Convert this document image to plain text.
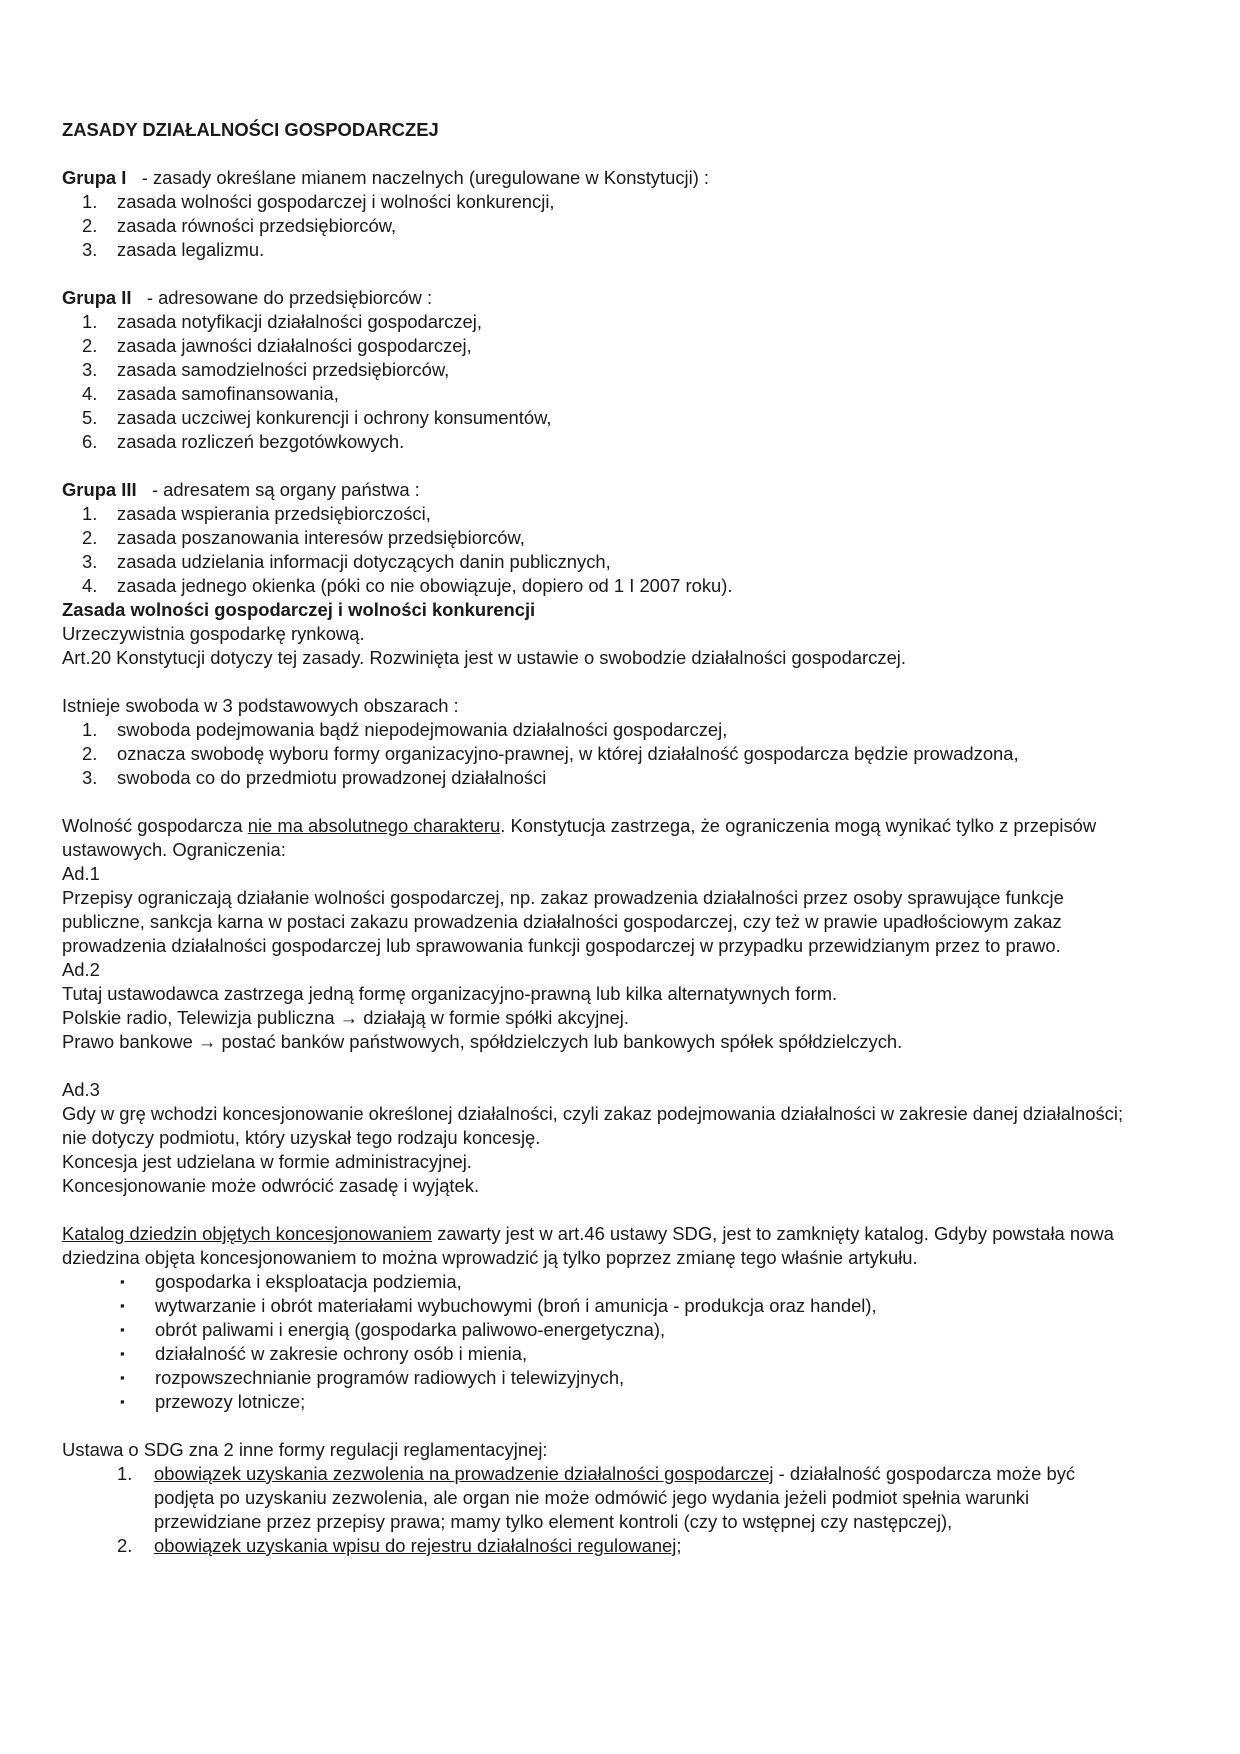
ZASADY DZIAŁALNOŚCI GOSPODARCZEJ

Grupa I - zasady określane mianem naczelnych (uregulowane w Konstytucji) :

1.	zasada wolności gospodarczej i wolności konkurencji,
2.	zasada równości przedsiębiorców,
3.	zasada legalizmu.

Grupa II - adresowane do przedsiębiorców :

1.	zasada notyfikacji działalności gospodarczej,
2.	zasada jawności działalności gospodarczej,
3.	zasada samodzielności przedsiębiorców,
4.	zasada samofinansowania,
5.	zasada uczciwej konkurencji i ochrony konsumentów,
6.	zasada rozliczeń bezgotówkowych.

Grupa III - adresatem są organy państwa :

1.	zasada wspierania przedsiębiorczości,
2.	zasada poszanowania interesów przedsiębiorców,
3.	zasada udzielania informacji dotyczących danin publicznych,
4.	zasada jednego okienka (póki co nie obowiązuje, dopiero od 1 I 2007 roku).

Zasada wolności gospodarczej i wolności konkurencji

Urzeczywistnia gospodarkę rynkową.

Art.20 Konstytucji dotyczy tej zasady. Rozwinięta jest w ustawie o swobodzie działalności gospodarczej.

Istnieje swoboda w 3 podstawowych obszarach :

1.	swoboda podejmowania bądź niepodejmowania działalności gospodarczej,
2.	oznacza swobodę wyboru formy organizacyjno-prawnej, w której działalność gospodarcza będzie prowadzona,
3.	swoboda co do przedmiotu prowadzonej działalności

Wolność gospodarcza nie ma absolutnego charakteru. Konstytucja zastrzega, że ograniczenia mogą wynikać tylko z przepisów ustawowych. Ograniczenia:

Ad.1

Przepisy ograniczają działanie wolności gospodarczej, np. zakaz prowadzenia działalności przez osoby sprawujące funkcje publiczne, sankcja karna w postaci zakazu prowadzenia działalności gospodarczej, czy też w prawie upadłościowym zakaz prowadzenia działalności gospodarczej lub sprawowania funkcji gospodarczej w przypadku przewidzianym przez to prawo.

Ad.2

Tutaj ustawodawca zastrzega jedną formę organizacyjno-prawną lub kilka alternatywnych form.

Polskie radio, Telewizja publiczna → działają w formie spółki akcyjnej.

Prawo bankowe → postać banków państwowych, spółdzielczych lub bankowych spółek spółdzielczych.

Ad.3

Gdy w grę wchodzi koncesjonowanie określonej działalności, czyli zakaz podejmowania działalności w zakresie danej działalności; nie dotyczy podmiotu, który uzyskał tego rodzaju koncesję.

Koncesja jest udzielana w formie administracyjnej.

Koncesjonowanie może odwrócić zasadę i wyjątek.

Katalog dziedzin objętych koncesjonowaniem zawarty jest w art.46 ustawy SDG, jest to zamknięty katalog. Gdyby powstała nowa dziedzina objęta koncesjonowaniem to można wprowadzić ją tylko poprzez zmianę tego właśnie artykułu.

▪ gospodarka i eksploatacja podziemia,
▪ wytwarzanie i obrót materiałami wybuchowymi (broń i amunicja - produkcja oraz handel),
▪ obrót paliwami i energią (gospodarka paliwowo-energetyczna),
▪ działalność w zakresie ochrony osób i mienia,
▪ rozpowszechnianie programów radiowych i telewizyjnych,
▪ przewozy lotnicze;

Ustawa o SDG zna 2 inne formy regulacji reglamentacyjnej:

1. obowiązek uzyskania zezwolenia na prowadzenie działalności gospodarczej - działalność gospodarcza może być podjęta po uzyskaniu zezwolenia, ale organ nie może odmówić jego wydania jeżeli podmiot spełnia warunki przewidziane przez przepisy prawa; mamy tylko element kontroli (czy to wstępnej czy następczej),
2. obowiązek uzyskania wpisu do rejestru działalności regulowanej;
